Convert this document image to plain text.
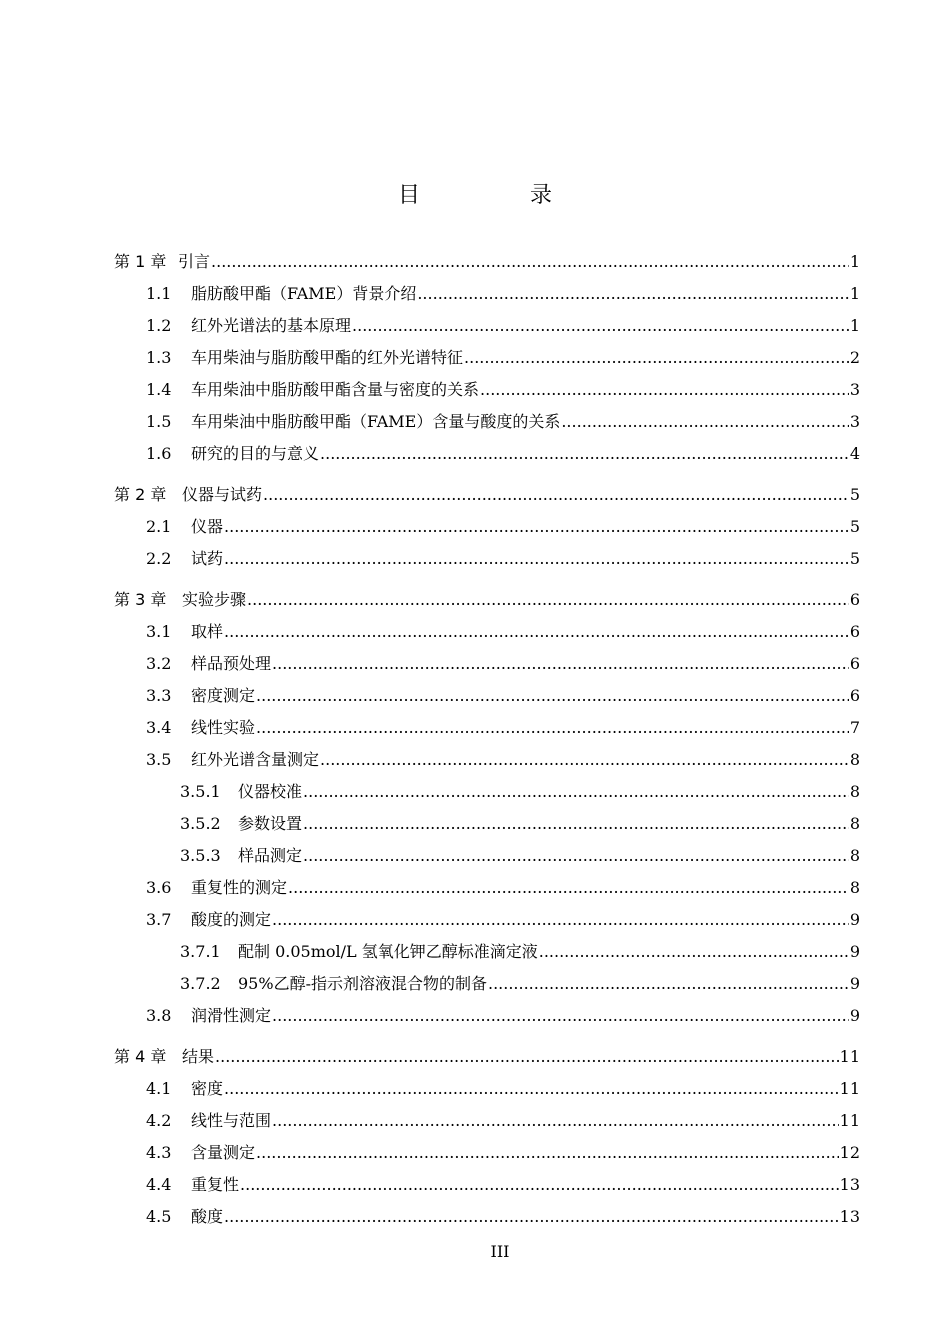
目　录
第 1 章 引言 .....	1
1.1	脂肪酸甲酯（FAME）背景介绍 .....	1
1.2	红外光谱法的基本原理 .....	1
1.3	车用柴油与脂肪酸甲酯的红外光谱特征 .....	2
1.4	车用柴油中脂肪酸甲酯含量与密度的关系 .....	3
1.5	车用柴油中脂肪酸甲酯（FAME）含量与酸度的关系 .....	3
1.6	研究的目的与意义 .....	4
第 2 章 仪器与试药 .....	5
2.1	仪器 .....	5
2.2	试药 .....	5
第 3 章 实验步骤 .....	6
3.1	取样 .....	6
3.2	样品预处理 .....	6
3.3	密度测定 .....	6
3.4	线性实验 .....	7
3.5	红外光谱含量测定 .....	8
3.5.1	仪器校准 .....	8
3.5.2	参数设置 .....	8
3.5.3	样品测定 .....	8
3.6	重复性的测定 .....	8
3.7	酸度的测定 .....	9
3.7.1	配制 0.05mol/L 氢氧化钾乙醇标准滴定液 .....	9
3.7.2	95%乙醇-指示剂溶液混合物的制备 .....	9
3.8	润滑性测定 .....	9
第 4 章 结果 .....	11
4.1	密度 .....	11
4.2	线性与范围 .....	11
4.3	含量测定 .....	12
4.4	重复性 .....	13
4.5	酸度 .....	13
III
